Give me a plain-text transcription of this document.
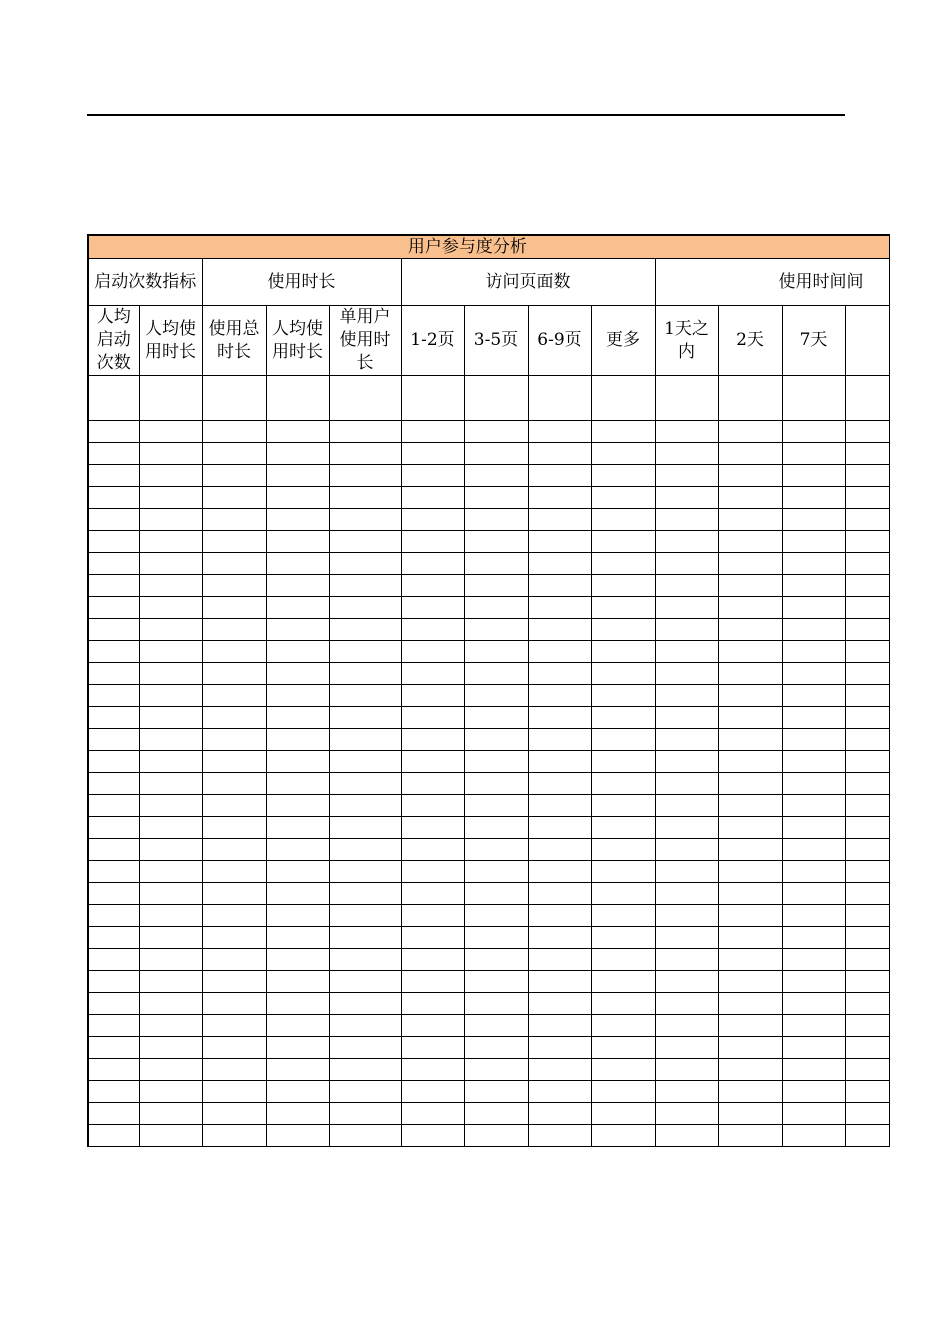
用户参与度分析												

启动次数指标		使用时长			访问页面数				使用时间间			

人均启动次数	人均使用时长	使用总时长	人均使用时长	单用户使用时长	1-2页	3-5页	6-9页	更多	1天之内	2天	7天	
